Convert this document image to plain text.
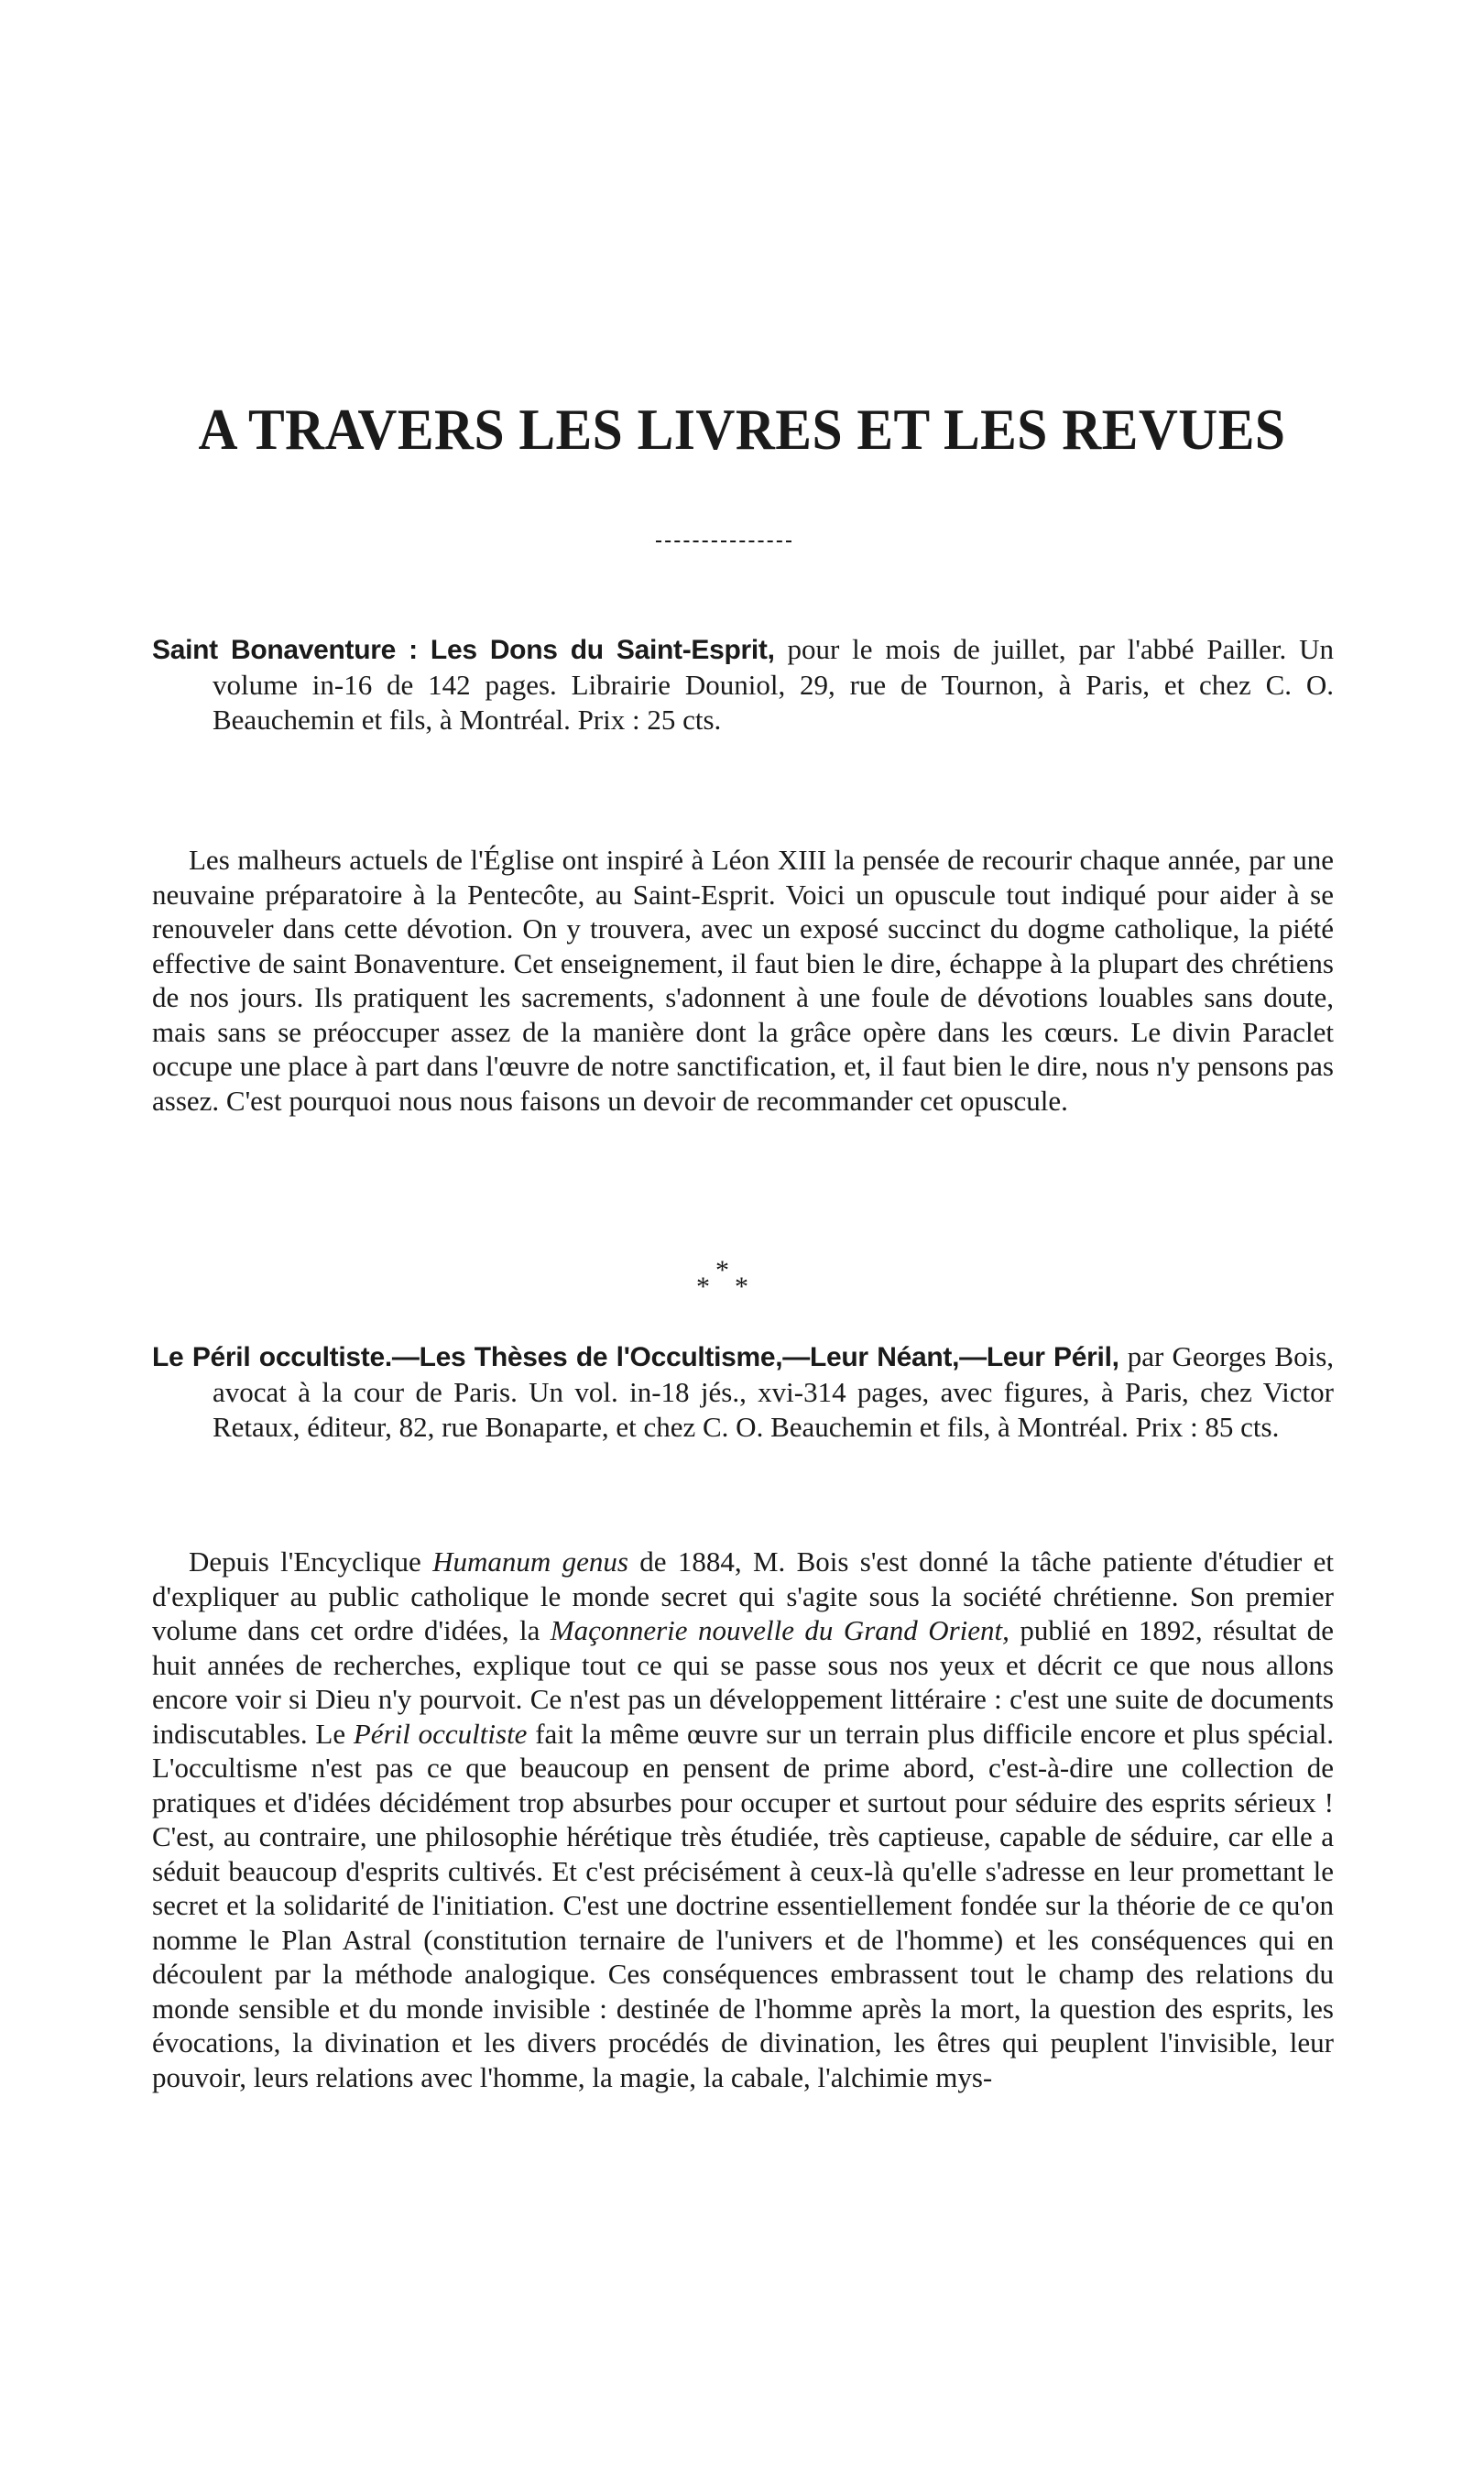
A TRAVERS LES LIVRES ET LES REVUES

Saint Bonaventure : Les Dons du Saint-Esprit, pour le mois de juillet, par l'abbé Pailler. Un volume in-16 de 142 pages. Librairie Douniol, 29, rue de Tournon, à Paris, et chez C. O. Beauchemin et fils, à Montréal. Prix : 25 cts.

Les malheurs actuels de l'Église ont inspiré à Léon XIII la pensée de recourir chaque année, par une neuvaine préparatoire à la Pentecôte, au Saint-Esprit. Voici un opuscule tout indiqué pour aider à se renouveler dans cette dévotion. On y trouvera, avec un exposé succinct du dogme catholique, la piété effective de saint Bonaventure. Cet enseignement, il faut bien le dire, échappe à la plupart des chrétiens de nos jours. Ils pratiquent les sacrements, s'adonnent à une foule de dévotions louables sans doute, mais sans se préoccuper assez de la manière dont la grâce opère dans les cœurs. Le divin Paraclet occupe une place à part dans l'œuvre de notre sanctification, et, il faut bien le dire, nous n'y pensons pas assez. C'est pourquoi nous nous faisons un devoir de recommander cet opuscule.

*
* *

Le Péril occultiste.—Les Thèses de l'Occultisme,—Leur Néant,—Leur Péril, par Georges Bois, avocat à la cour de Paris. Un vol. in-18 jés., xvi-314 pages, avec figures, à Paris, chez Victor Retaux, éditeur, 82, rue Bonaparte, et chez C. O. Beauchemin et fils, à Montréal. Prix : 85 cts.

Depuis l'Encyclique Humanum genus de 1884, M. Bois s'est donné la tâche patiente d'étudier et d'expliquer au public catholique le monde secret qui s'agite sous la société chrétienne. Son premier volume dans cet ordre d'idées, la Maçonnerie nouvelle du Grand Orient, publié en 1892, résultat de huit années de recherches, explique tout ce qui se passe sous nos yeux et décrit ce que nous allons encore voir si Dieu n'y pourvoit. Ce n'est pas un développement littéraire : c'est une suite de documents indiscutables. Le Péril occultiste fait la même œuvre sur un terrain plus difficile encore et plus spécial. L'occultisme n'est pas ce que beaucoup en pensent de prime abord, c'est-à-dire une collection de pratiques et d'idées décidément trop absurbes pour occuper et surtout pour séduire des esprits sérieux ! C'est, au contraire, une philosophie hérétique très étudiée, très captieuse, capable de séduire, car elle a séduit beaucoup d'esprits cultivés. Et c'est précisément à ceux-là qu'elle s'adresse en leur promettant le secret et la solidarité de l'initiation. C'est une doctrine essentiellement fondée sur la théorie de ce qu'on nomme le Plan Astral (constitution ternaire de l'univers et de l'homme) et les conséquences qui en découlent par la méthode analogique. Ces conséquences embrassent tout le champ des relations du monde sensible et du monde invisible : destinée de l'homme après la mort, la question des esprits, les évocations, la divination et les divers procédés de divination, les êtres qui peuplent l'invisible, leur pouvoir, leurs relations avec l'homme, la magie, la cabale, l'alchimie mys-
